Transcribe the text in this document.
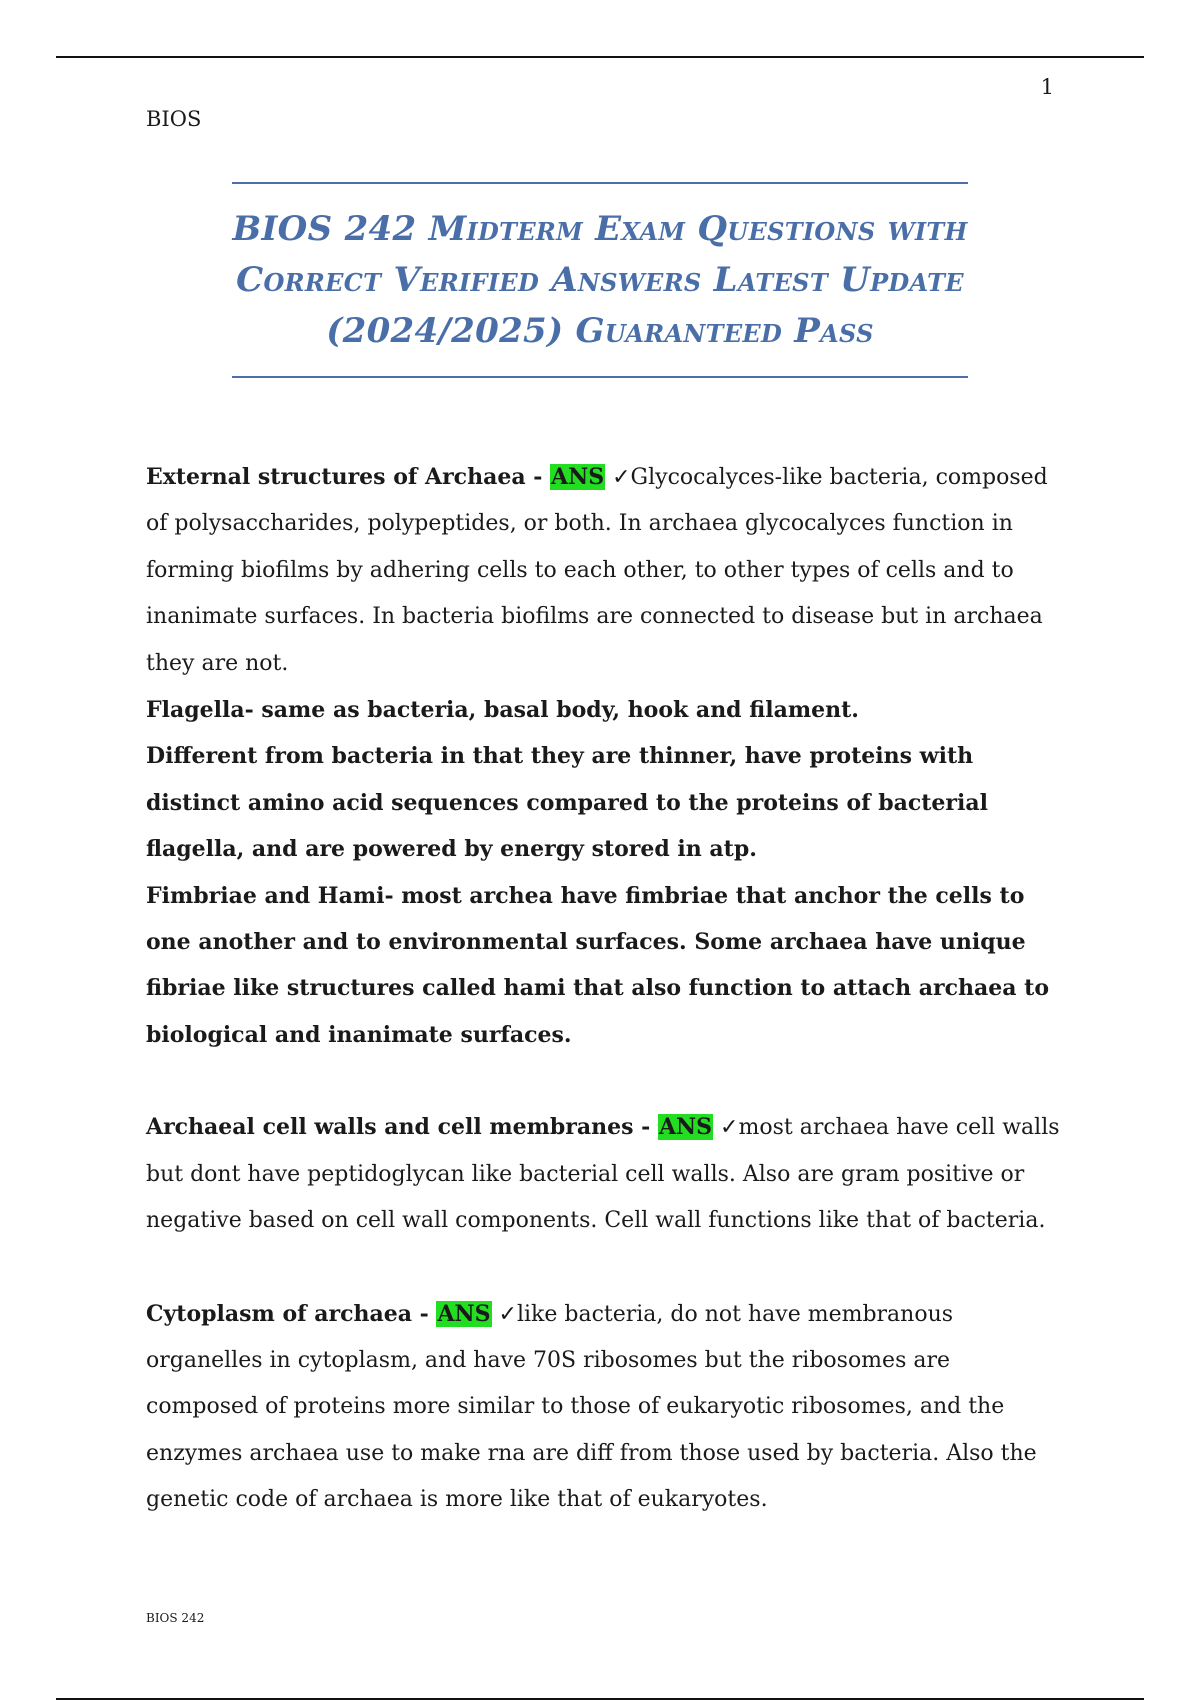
1
BIOS
BIOS 242 Midterm Exam Questions with
Correct Verified Answers Latest Update
(2024/2025) Guaranteed Pass

External structures of Archaea - ANS ✓Glycocalyces-like bacteria, composed of polysaccharides, polypeptides, or both. In archaea glycocalyces function in forming biofilms by adhering cells to each other, to other types of cells and to inanimate surfaces. In bacteria biofilms are connected to disease but in archaea they are not.

Flagella- same as bacteria, basal body, hook and filament.

Different from bacteria in that they are thinner, have proteins with distinct amino acid sequences compared to the proteins of bacterial flagella, and are powered by energy stored in atp.

Fimbriae and Hami- most archea have fimbriae that anchor the cells to one another and to environmental surfaces. Some archaea have unique fibriae like structures called hami that also function to attach archaea to biological and inanimate surfaces.

Archaeal cell walls and cell membranes - ANS ✓most archaea have cell walls but dont have peptidoglycan like bacterial cell walls. Also are gram positive or negative based on cell wall components. Cell wall functions like that of bacteria.

Cytoplasm of archaea - ANS ✓like bacteria, do not have membranous organelles in cytoplasm, and have 70S ribosomes but the ribosomes are composed of proteins more similar to those of eukaryotic ribosomes, and the enzymes archaea use to make rna are diff from those used by bacteria. Also the genetic code of archaea is more like that of eukaryotes.

BIOS 242
